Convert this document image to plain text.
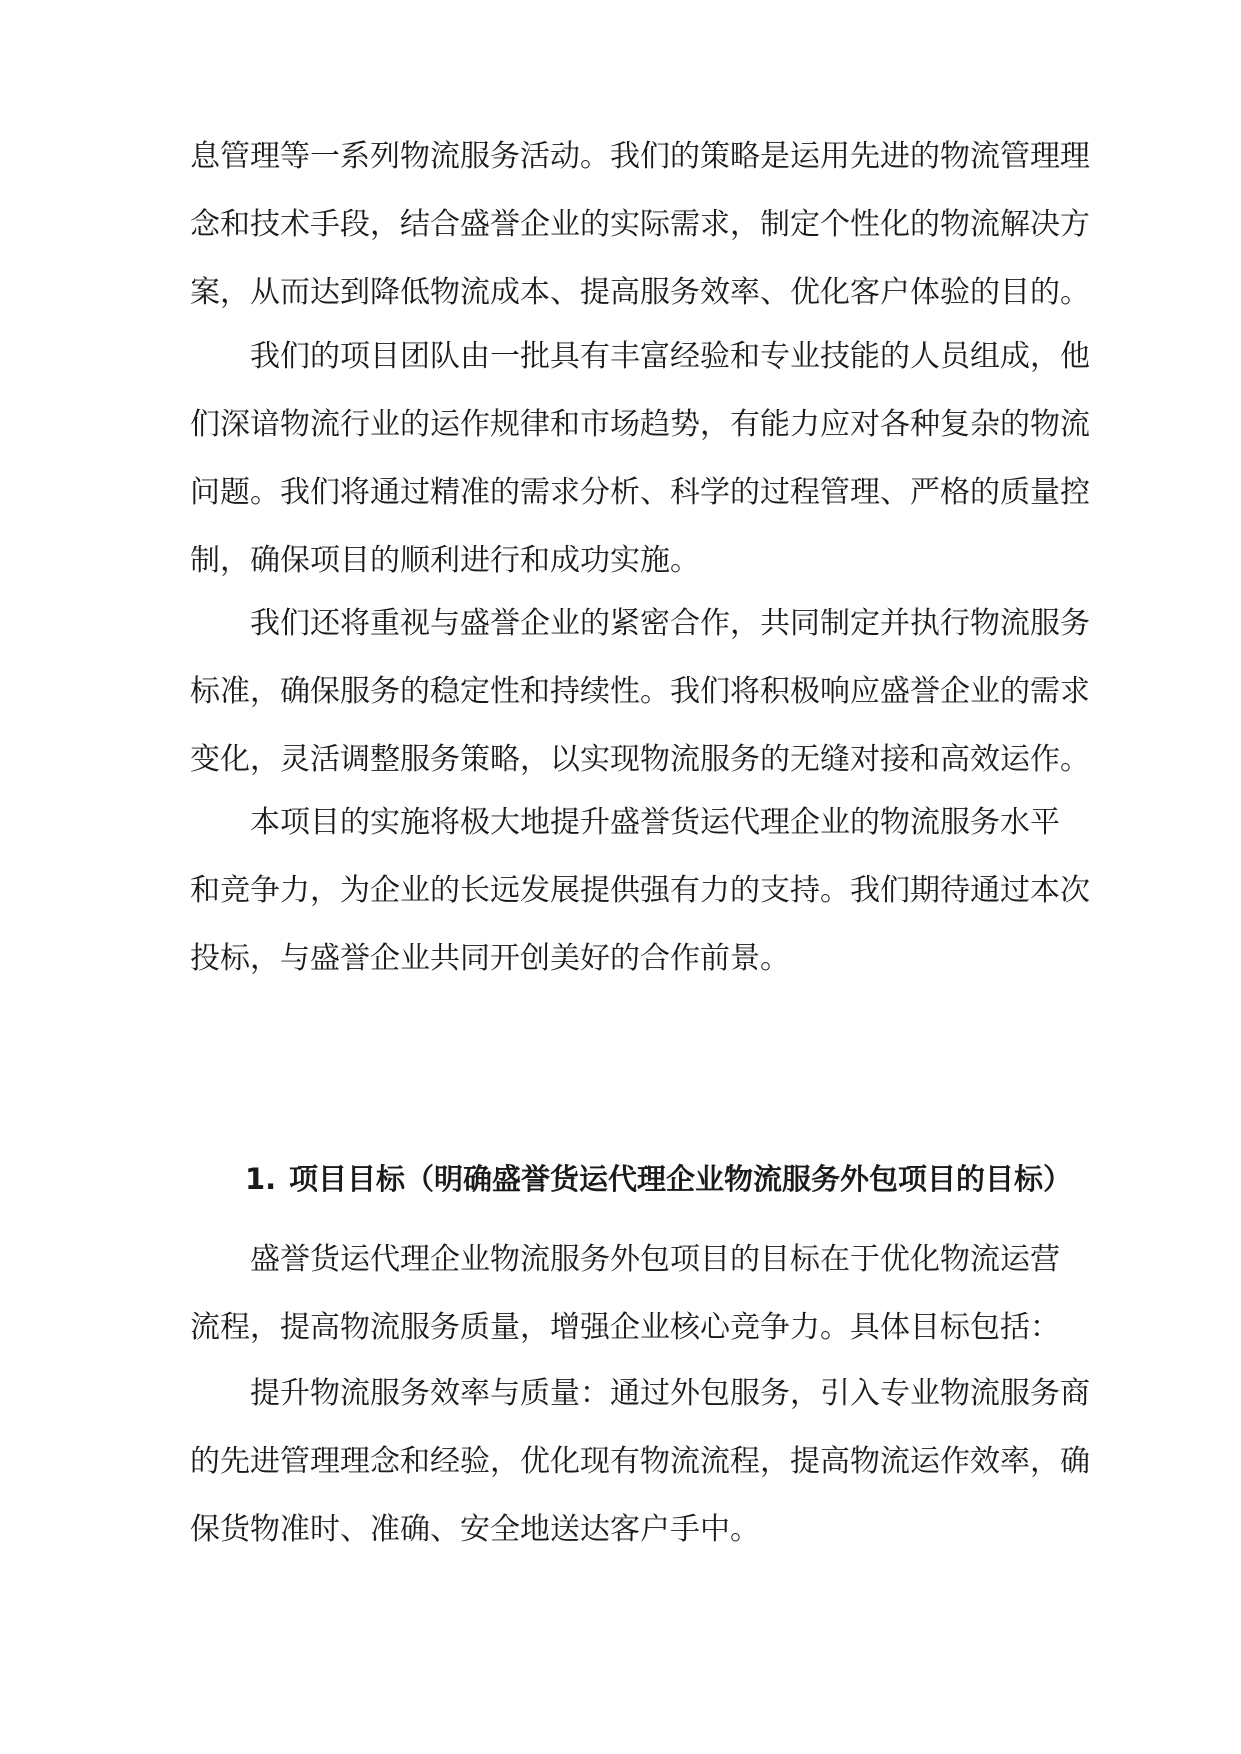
息管理等一系列物流服务活动。我们的策略是运用先进的物流管理理
念和技术手段，结合盛誉企业的实际需求，制定个性化的物流解决方
案，从而达到降低物流成本、提高服务效率、优化客户体验的目的。
我们的项目团队由一批具有丰富经验和专业技能的人员组成，他
们深谙物流行业的运作规律和市场趋势，有能力应对各种复杂的物流
问题。我们将通过精准的需求分析、科学的过程管理、严格的质量控
制，确保项目的顺利进行和成功实施。
我们还将重视与盛誉企业的紧密合作，共同制定并执行物流服务
标准，确保服务的稳定性和持续性。我们将积极响应盛誉企业的需求
变化，灵活调整服务策略，以实现物流服务的无缝对接和高效运作。
本项目的实施将极大地提升盛誉货运代理企业的物流服务水平
和竞争力，为企业的长远发展提供强有力的支持。我们期待通过本次
投标，与盛誉企业共同开创美好的合作前景。
1. 项目目标（明确盛誉货运代理企业物流服务外包项目的目标）
盛誉货运代理企业物流服务外包项目的目标在于优化物流运营
流程，提高物流服务质量，增强企业核心竞争力。具体目标包括：
提升物流服务效率与质量：通过外包服务，引入专业物流服务商
的先进管理理念和经验，优化现有物流流程，提高物流运作效率，确
保货物准时、准确、安全地送达客户手中。
